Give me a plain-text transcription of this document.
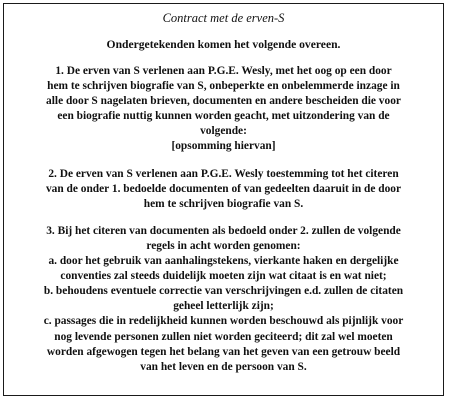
Contract met de erven-S
Ondergetekenden komen het volgende overeen.
1. De erven van S verlenen aan P.G.E. Wesly, met het oog op een door
hem te schrijven biografie van S, onbeperkte en onbelemmerde inzage in
alle door S nagelaten brieven, documenten en andere bescheiden die voor
een biografie nuttig kunnen worden geacht, met uitzondering van de
volgende:
[opsomming hiervan]
2. De erven van S verlenen aan P.G.E. Wesly toestemming tot het citeren
van de onder 1. bedoelde documenten of van gedeelten daaruit in de door
hem te schrijven biografie van S.
3. Bij het citeren van documenten als bedoeld onder 2. zullen de volgende
regels in acht worden genomen:
a. door het gebruik van aanhalingstekens, vierkante haken en dergelijke
conventies zal steeds duidelijk moeten zijn wat citaat is en wat niet;
b. behoudens eventuele correctie van verschrijvingen e.d. zullen de citaten
geheel letterlijk zijn;
c. passages die in redelijkheid kunnen worden beschouwd als pijnlijk voor
nog levende personen zullen niet worden geciteerd; dit zal wel moeten
worden afgewogen tegen het belang van het geven van een getrouw beeld
van het leven en de persoon van S.
